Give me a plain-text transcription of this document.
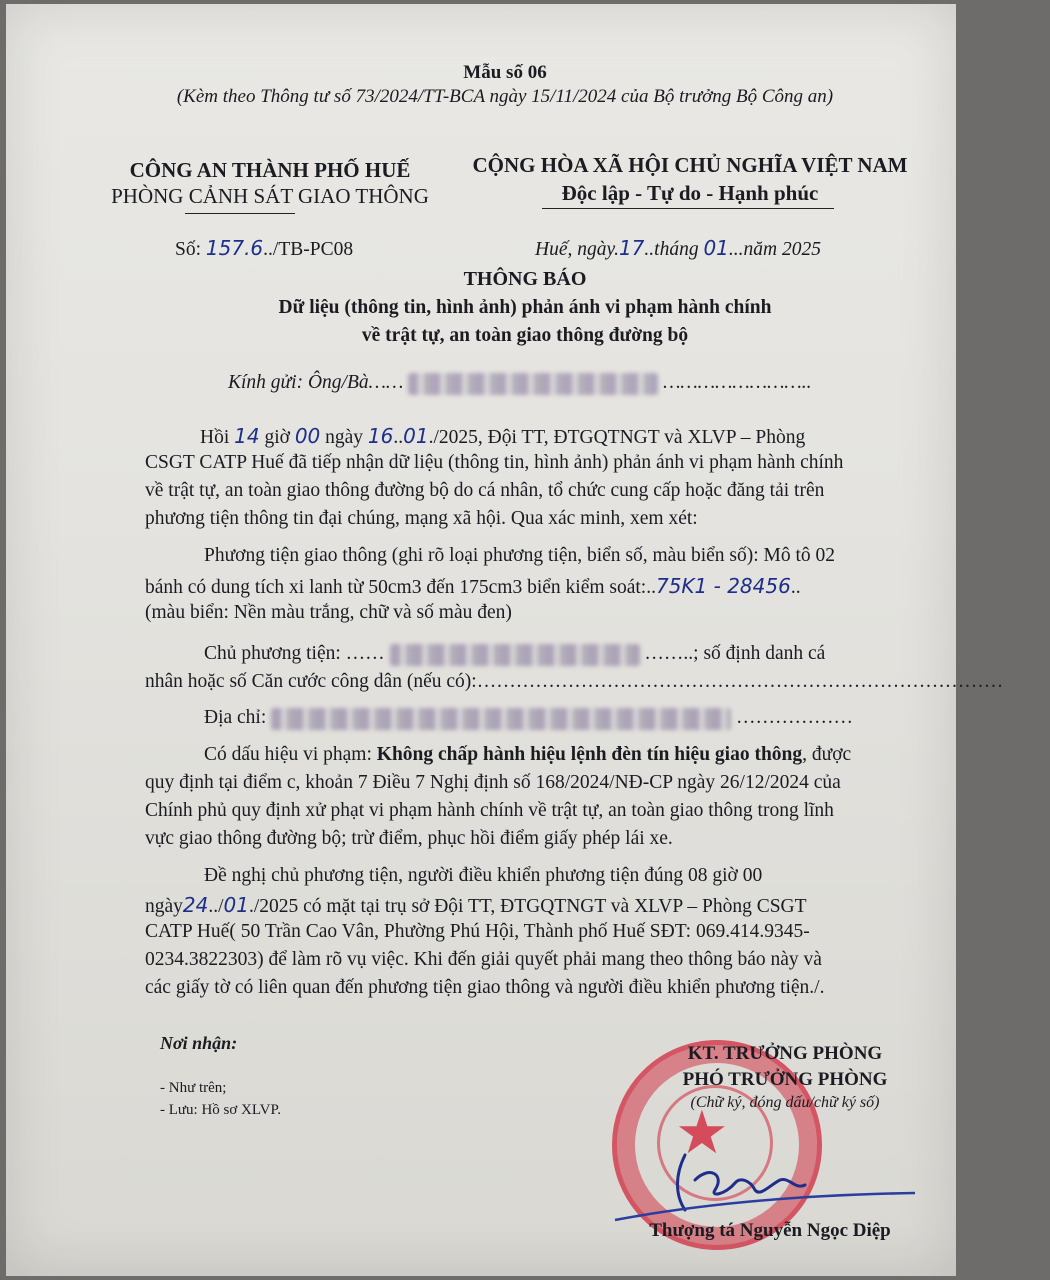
Mẫu số 06
(Kèm theo Thông tư số 73/2024/TT-BCA ngày 15/11/2024 của Bộ trưởng Bộ Công an)
CÔNG AN THÀNH PHỐ HUẾ
PHÒNG CẢNH SÁT GIAO THÔNG
CỘNG HÒA XÃ HỘI CHỦ NGHĨA VIỆT NAM
Độc lập - Tự do - Hạnh phúc
Số: 157.6../TB-PC08	Huế, ngày.17..tháng 01...năm 2025
THÔNG BÁO
Dữ liệu (thông tin, hình ảnh) phản ánh vi phạm hành chính
về trật tự, an toàn giao thông đường bộ
Kính gửi: Ông/Bà……	……………………..
Hồi 14 giờ 00 ngày 16..01./2025, Đội TT, ĐTGQTNGT và XLVP – Phòng
CSGT CATP Huế đã tiếp nhận dữ liệu (thông tin, hình ảnh) phản ánh vi phạm hành chính
về trật tự, an toàn giao thông đường bộ do cá nhân, tổ chức cung cấp hoặc đăng tải trên
phương tiện thông tin đại chúng, mạng xã hội. Qua xác minh, xem xét:
Phương tiện giao thông (ghi rõ loại phương tiện, biển số, màu biển số): Mô tô 02
bánh có dung tích xi lanh từ 50cm3 đến 175cm3 biển kiểm soát:..75K1 - 28456..
(màu biển: Nền màu trắng, chữ và số màu đen)
Chủ phương tiện: ……	……..; số định danh cá
nhân hoặc số Căn cước công dân (nếu có):………………………………………………………………………
Địa chỉ:	………………
Có dấu hiệu vi phạm: Không chấp hành hiệu lệnh đèn tín hiệu giao thông, được
quy định tại điểm c, khoản 7 Điều 7 Nghị định số 168/2024/NĐ-CP ngày 26/12/2024 của
Chính phủ quy định xử phạt vi phạm hành chính về trật tự, an toàn giao thông trong lĩnh
vực giao thông đường bộ; trừ điểm, phục hồi điểm giấy phép lái xe.
Đề nghị chủ phương tiện, người điều khiển phương tiện đúng 08 giờ 00
ngày24../01./2025 có mặt tại trụ sở Đội TT, ĐTGQTNGT và XLVP – Phòng CSGT
CATP Huế( 50 Trần Cao Vân, Phường Phú Hội, Thành phố Huế SĐT: 069.414.9345-
0234.3822303) để làm rõ vụ việc. Khi đến giải quyết phải mang theo thông báo này và
các giấy tờ có liên quan đến phương tiện giao thông và người điều khiển phương tiện./.
Nơi nhận:
- Như trên;
- Lưu: Hồ sơ XLVP.	★
KT. TRƯỞNG PHÒNG
PHÓ TRƯỞNG PHÒNG
(Chữ ký, đóng dấu/chữ ký số)
Thượng tá Nguyễn Ngọc Diệp
